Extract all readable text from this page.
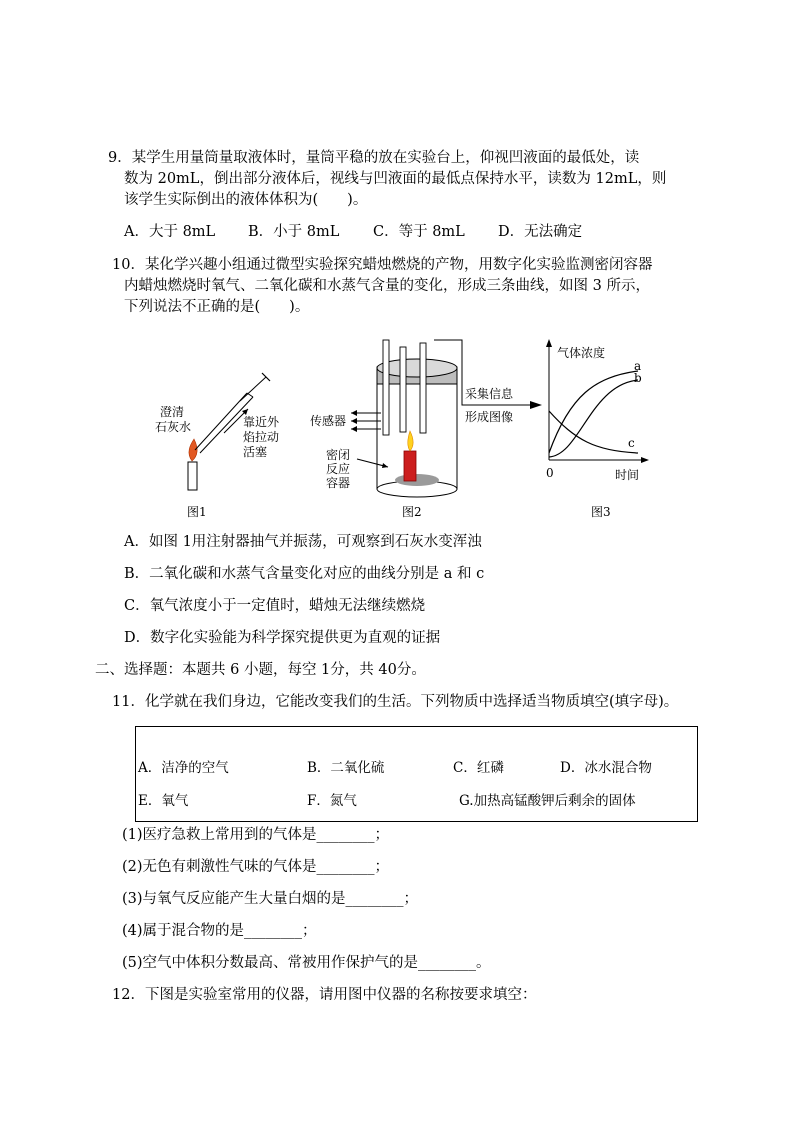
9．某学生用量筒量取液体时，量筒平稳的放在实验台上，仰视凹液面的最低处，读
数为 20mL，倒出部分液体后，视线与凹液面的最低点保持水平，读数为 12mL，则
该学生实际倒出的液体体积为(　　)。
A．大于 8mL B．小于 8mL C．等于 8mL D．无法确定
10．某化学兴趣小组通过微型实验探究蜡烛燃烧的产物，用数字化实验监测密闭容器
内蜡烛燃烧时氧气、二氧化碳和水蒸气含量的变化，形成三条曲线，如图 3 所示，
下列说法不正确的是(　　)。
澄清
石灰水	靠近外
焰拉动
活塞
图1
传感器
密闭
反应
容器
采集信息
形成图像
图2
气体浓度
a
b
c
0	时间
图3
A．如图 1用注射器抽气并振荡，可观察到石灰水变浑浊
B．二氧化碳和水蒸气含量变化对应的曲线分别是 a 和 c
C．氧气浓度小于一定值时，蜡烛无法继续燃烧
D．数字化实验能为科学探究提供更为直观的证据
二、选择题：本题共 6 小题，每空 1分，共 40分。
11．化学就在我们身边，它能改变我们的生活。下列物质中选择适当物质填空(填字母)。
A．洁净的空气	B．二氧化硫	C．红磷	D．冰水混合物
E．氧气	F．氮气	G.加热高锰酸钾后剩余的固体
(1)医疗急救上常用到的气体是________；
(2)无色有刺激性气味的气体是________；
(3)与氧气反应能产生大量白烟的是________；
(4)属于混合物的是________；
(5)空气中体积分数最高、常被用作保护气的是________。
12．下图是实验室常用的仪器，请用图中仪器的名称按要求填空：
